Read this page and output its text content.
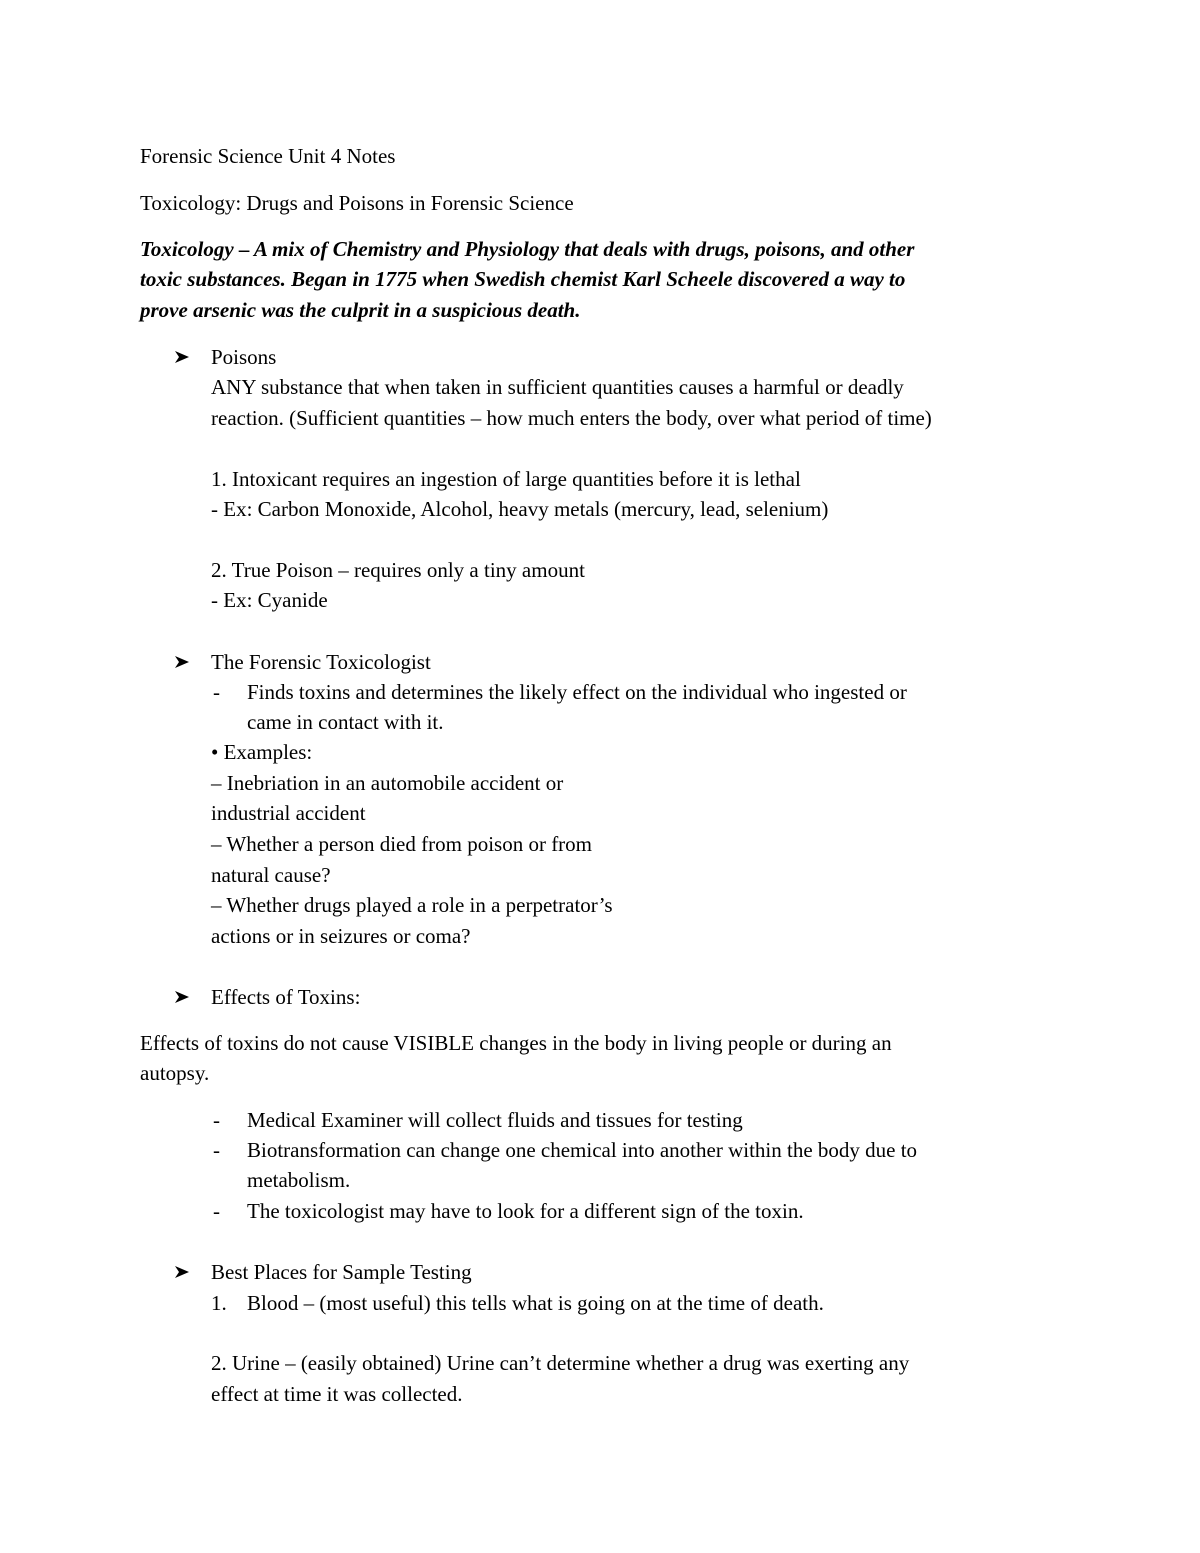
Forensic Science Unit 4 Notes
Toxicology: Drugs and Poisons in Forensic Science
Toxicology – A mix of Chemistry and Physiology that deals with drugs, poisons, and other
toxic substances. Began in 1775 when Swedish chemist Karl Scheele discovered a way to
prove arsenic was the culprit in a suspicious death.
Poisons
ANY substance that when taken in sufficient quantities causes a harmful or deadly
reaction. (Sufficient quantities – how much enters the body, over what period of time)
1. Intoxicant requires an ingestion of large quantities before it is lethal
- Ex: Carbon Monoxide, Alcohol, heavy metals (mercury, lead, selenium)
2. True Poison – requires only a tiny amount
- Ex: Cyanide
The Forensic Toxicologist
- Finds toxins and determines the likely effect on the individual who ingested or
came in contact with it.
• Examples:
– Inebriation in an automobile accident or
industrial accident
– Whether a person died from poison or from
natural cause?
– Whether drugs played a role in a perpetrator’s
actions or in seizures or coma?
Effects of Toxins:
Effects of toxins do not cause VISIBLE changes in the body in living people or during an
autopsy.
- Medical Examiner will collect fluids and tissues for testing
- Biotransformation can change one chemical into another within the body due to
metabolism.
- The toxicologist may have to look for a different sign of the toxin.
Best Places for Sample Testing
1. Blood – (most useful) this tells what is going on at the time of death.
2. Urine – (easily obtained) Urine can’t determine whether a drug was exerting any
effect at time it was collected.
